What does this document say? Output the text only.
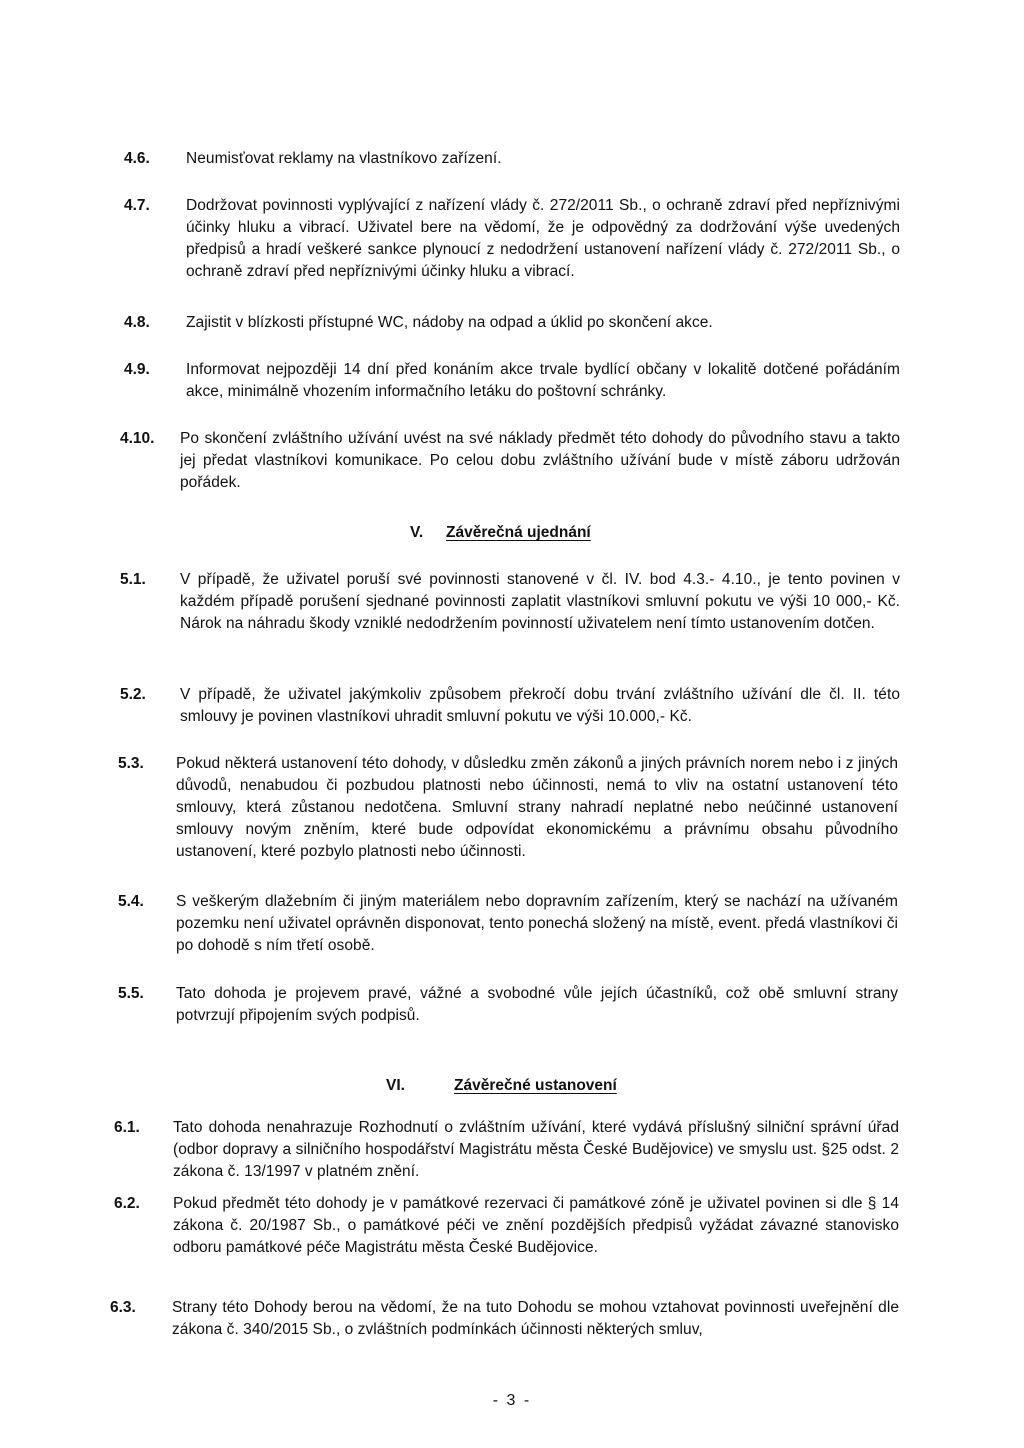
4.6. Neumisťovat reklamy na vlastníkovo zařízení.
4.7. Dodržovat povinnosti vyplývající z nařízení vlády č. 272/2011 Sb., o ochraně zdraví před nepříznivými účinky hluku a vibrací. Uživatel bere na vědomí, že je odpovědný za dodržování výše uvedených předpisů a hradí veškeré sankce plynoucí z nedodržení ustanovení nařízení vlády č. 272/2011 Sb., o ochraně zdraví před nepříznivými účinky hluku a vibrací.
4.8. Zajistit v blízkosti přístupné WC, nádoby na odpad a úklid po skončení akce.
4.9. Informovat nejpozději 14 dní před konáním akce trvale bydlící občany v lokalitě dotčené pořádáním akce, minimálně vhozením informačního letáku do poštovní schránky.
4.10. Po skončení zvláštního užívání uvést na své náklady předmět této dohody do původního stavu a takto jej předat vlastníkovi komunikace. Po celou dobu zvláštního užívání bude v místě záboru udržován pořádek.
V. Závěrečná ujednání
5.1. V případě, že uživatel poruší své povinnosti stanovené v čl. IV. bod 4.3.- 4.10., je tento povinen v každém případě porušení sjednané povinnosti zaplatit vlastníkovi smluvní pokutu ve výši 10 000,- Kč. Nárok na náhradu škody vzniklé nedodržením povinností uživatelem není tímto ustanovením dotčen.
5.2. V případě, že uživatel jakýmkoliv způsobem překročí dobu trvání zvláštního užívání dle čl. II. této smlouvy je povinen vlastníkovi uhradit smluvní pokutu ve výši 10.000,- Kč.
5.3. Pokud některá ustanovení této dohody, v důsledku změn zákonů a jiných právních norem nebo i z jiných důvodů, nenabudou či pozbudou platnosti nebo účinnosti, nemá to vliv na ostatní ustanovení této smlouvy, která zůstanou nedotčena. Smluvní strany nahradí neplatné nebo neúčinné ustanovení smlouvy novým zněním, které bude odpovídat ekonomickému a právnímu obsahu původního ustanovení, které pozbylo platnosti nebo účinnosti.
5.4. S veškerým dlažebním či jiným materiálem nebo dopravním zařízením, který se nachází na užívaném pozemku není uživatel oprávněn disponovat, tento ponechá složený na místě, event. předá vlastníkovi či po dohodě s ním třetí osobě.
5.5. Tato dohoda je projevem pravé, vážné a svobodné vůle jejích účastníků, což obě smluvní strany potvrzují připojením svých podpisů.
VI.	Závěrečné ustanovení
6.1. Tato dohoda nenahrazuje Rozhodnutí o zvláštním užívání, které vydává příslušný silniční správní úřad (odbor dopravy a silničního hospodářství Magistrátu města České Budějovice) ve smyslu ust. §25 odst. 2 zákona č. 13/1997 v platném znění.
6.2. Pokud předmět této dohody je v památkové rezervaci či památkové zóně je uživatel povinen si dle § 14 zákona č. 20/1987 Sb., o památkové péči ve znění pozdějších předpisů vyžádat závazné stanovisko odboru památkové péče Magistrátu města České Budějovice.
6.3. Strany této Dohody berou na vědomí, že na tuto Dohodu se mohou vztahovat povinnosti uveřejnění dle zákona č. 340/2015 Sb., o zvláštních podmínkách účinnosti některých smluv,
- 3 -
